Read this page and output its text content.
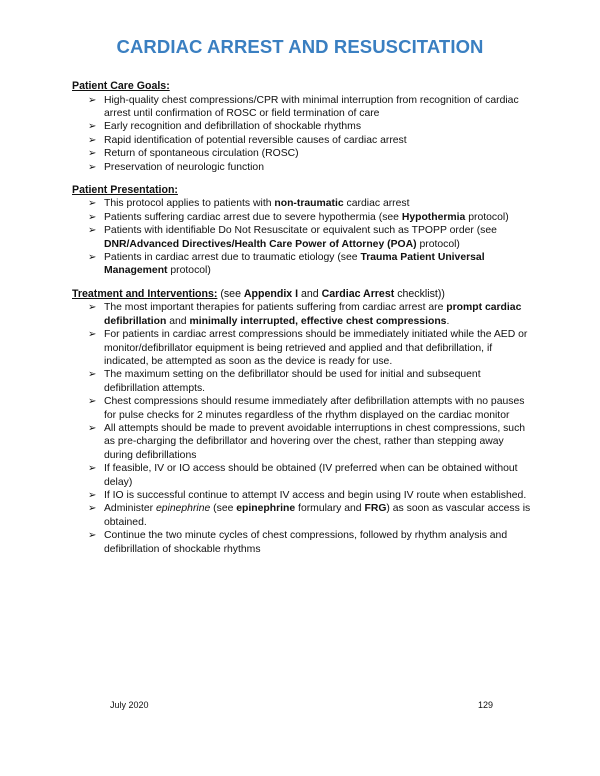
CARDIAC ARREST AND RESUSCITATION
Patient Care Goals:
➢ High-quality chest compressions/CPR with minimal interruption from recognition of cardiac arrest until confirmation of ROSC or field termination of care
➢ Early recognition and defibrillation of shockable rhythms
➢ Rapid identification of potential reversible causes of cardiac arrest
➢ Return of spontaneous circulation (ROSC)
➢ Preservation of neurologic function
Patient Presentation:
➢ This protocol applies to patients with non-traumatic cardiac arrest
➢ Patients suffering cardiac arrest due to severe hypothermia (see Hypothermia protocol)
➢ Patients with identifiable Do Not Resuscitate or equivalent such as TPOPP order (see DNR/Advanced Directives/Health Care Power of Attorney (POA) protocol)
➢ Patients in cardiac arrest due to traumatic etiology (see Trauma Patient Universal Management protocol)
Treatment and Interventions: (see Appendix I and Cardiac Arrest checklist))
➢ The most important therapies for patients suffering from cardiac arrest are prompt cardiac defibrillation and minimally interrupted, effective chest compressions.
➢ For patients in cardiac arrest compressions should be immediately initiated while the AED or monitor/defibrillator equipment is being retrieved and applied and that defibrillation, if indicated, be attempted as soon as the device is ready for use.
➢ The maximum setting on the defibrillator should be used for initial and subsequent defibrillation attempts.
➢ Chest compressions should resume immediately after defibrillation attempts with no pauses for pulse checks for 2 minutes regardless of the rhythm displayed on the cardiac monitor
➢ All attempts should be made to prevent avoidable interruptions in chest compressions, such as pre-charging the defibrillator and hovering over the chest, rather than stepping away during defibrillations
➢ If feasible, IV or IO access should be obtained (IV preferred when can be obtained without delay)
➢ If IO is successful continue to attempt IV access and begin using IV route when established.
➢ Administer epinephrine (see epinephrine formulary and FRG) as soon as vascular access is obtained.
➢ Continue the two minute cycles of chest compressions, followed by rhythm analysis and defibrillation of shockable rhythms
July 2020	129
